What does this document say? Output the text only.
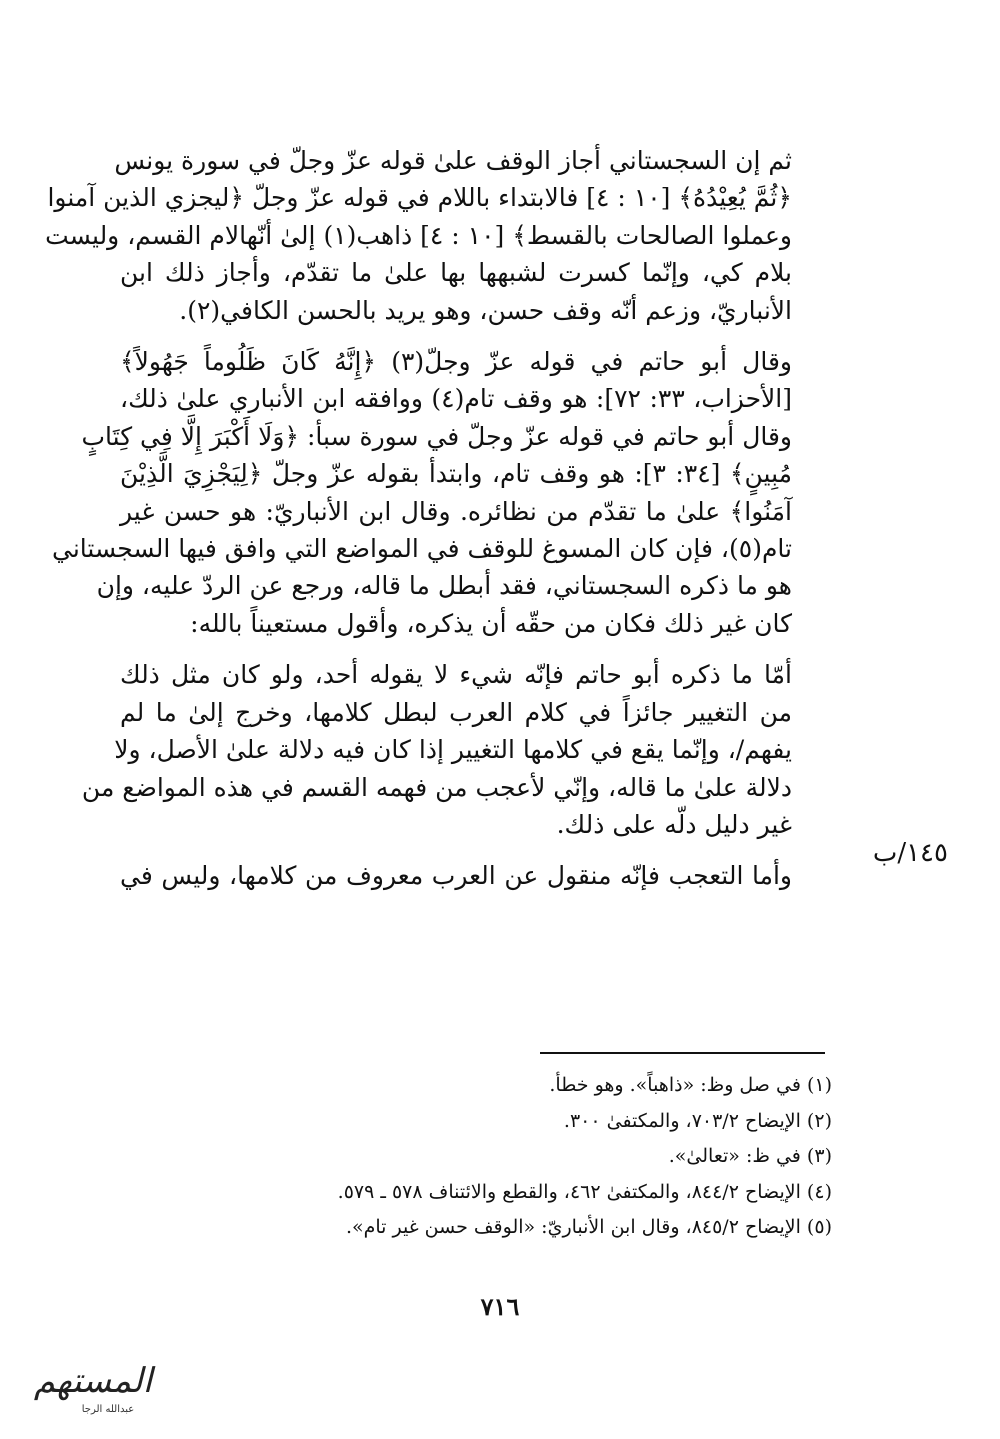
ثم إن السجستاني أجاز الوقف علىٰ قوله عزّ وجلّ في سورة يونس
﴿ثُمَّ يُعِيْدُهُ﴾ [١٠ : ٤] فالابتداء باللام في قوله عزّ وجلّ ﴿ليجزي الذين آمنوا
وعملوا الصالحات بالقسط﴾ [١٠ : ٤] ذاهب(١) إلىٰ أنّهالام القسم، وليست
بلام كي، وإنّما كسرت لشبهها بها علىٰ ما تقدّم، وأجاز ذلك ابن
الأنباريّ، وزعم أنّه وقف حسن، وهو يريد بالحسن الكافي(٢).

وقال أبو حاتم في قوله عزّ وجلّ(٣) ﴿إِنَّهُ كَانَ ظَلُوماً جَهُولاً﴾
[الأحزاب، ٣٣: ٧٢]: هو وقف تام(٤) ووافقه ابن الأنباري علىٰ ذلك،
وقال أبو حاتم في قوله عزّ وجلّ في سورة سبأ: ﴿وَلَا أَكْبَرَ إِلَّا فِي كِتَابٍ
مُبِينٍ﴾ [٣٤: ٣]: هو وقف تام، وابتدأ بقوله عزّ وجلّ ﴿لِيَجْزِيَ الَّذِيْنَ
آمَنُوا﴾ علىٰ ما تقدّم من نظائره. وقال ابن الأنباريّ: هو حسن غير
تام(٥)، فإن كان المسوغ للوقف في المواضع التي وافق فيها السجستاني
هو ما ذكره السجستاني، فقد أبطل ما قاله، ورجع عن الردّ عليه، وإن
كان غير ذلك فكان من حقّه أن يذكره، وأقول مستعيناً بالله:

أمّا ما ذكره أبو حاتم فإنّه شيء لا يقوله أحد، ولو كان مثل ذلك
من التغيير جائزاً في كلام العرب لبطل كلامها، وخرج إلىٰ ما لم
يفهم/، وإنّما يقع في كلامها التغيير إذا كان فيه دلالة علىٰ الأصل، ولا
دلالة علىٰ ما قاله، وإنّي لأعجب من فهمه القسم في هذه المواضع من
غير دليل دلّه على ذلك.

وأما التعجب فإنّه منقول عن العرب معروف من كلامها، وليس في

١٤٥/ب
(١) في صل وظ: «ذاهباً». وهو خطأ.
(٢) الإيضاح ٧٠٣/٢، والمكتفىٰ ٣٠٠.
(٣) في ظ: «تعالىٰ».
(٤) الإيضاح ٨٤٤/٢، والمكتفىٰ ٤٦٢، والقطع والائتناف ٥٧٨ ـ ٥٧٩.
(٥) الإيضاح ٨٤٥/٢، وقال ابن الأنباريّ: «الوقف حسن غير تام».
٧١٦
المستهم
عبدالله الرجا
